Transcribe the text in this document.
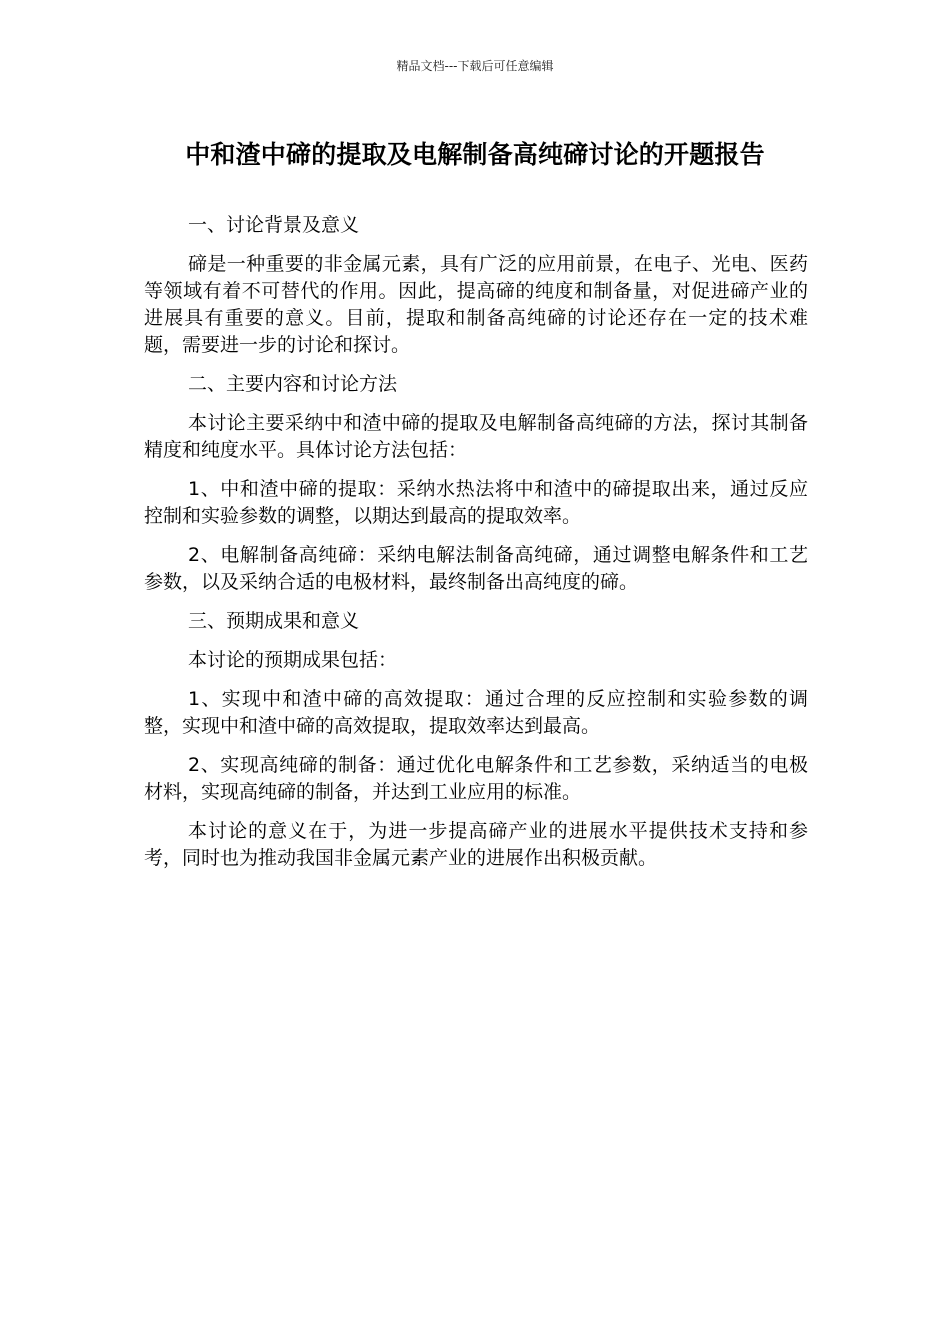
精品文档---下载后可任意编辑
中和渣中碲的提取及电解制备高纯碲讨论的开题报告

一、讨论背景及意义

碲是一种重要的非金属元素，具有广泛的应用前景，在电子、光电、医药等领域有着不可替代的作用。因此，提高碲的纯度和制备量，对促进碲产业的进展具有重要的意义。目前，提取和制备高纯碲的讨论还存在一定的技术难题，需要进一步的讨论和探讨。

二、主要内容和讨论方法

本讨论主要采纳中和渣中碲的提取及电解制备高纯碲的方法，探讨其制备精度和纯度水平。具体讨论方法包括：

1、中和渣中碲的提取：采纳水热法将中和渣中的碲提取出来，通过反应控制和实验参数的调整，以期达到最高的提取效率。

2、电解制备高纯碲：采纳电解法制备高纯碲，通过调整电解条件和工艺参数，以及采纳合适的电极材料，最终制备出高纯度的碲。

三、预期成果和意义

本讨论的预期成果包括：

1、实现中和渣中碲的高效提取：通过合理的反应控制和实验参数的调整，实现中和渣中碲的高效提取，提取效率达到最高。

2、实现高纯碲的制备：通过优化电解条件和工艺参数，采纳适当的电极材料，实现高纯碲的制备，并达到工业应用的标准。

本讨论的意义在于，为进一步提高碲产业的进展水平提供技术支持和参考，同时也为推动我国非金属元素产业的进展作出积极贡献。
